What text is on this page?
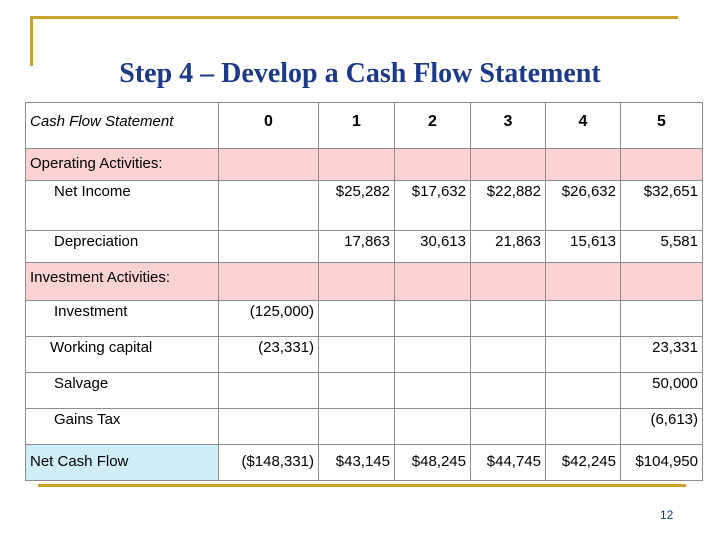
Step 4 – Develop a Cash Flow Statement
Cash Flow Statement	0	1	2	3	4	5
Operating Activities:						
Net Income		$25,282	$17,632	$22,882	$26,632	$32,651
Depreciation		17,863	30,613	21,863	15,613	5,581
Investment Activities:						
Investment	(125,000)					
Working capital	(23,331)					23,331
Salvage						50,000
Gains Tax						(6,613)
Net Cash Flow	($148,331)	$43,145	$48,245	$44,745	$42,245	$104,950
12
